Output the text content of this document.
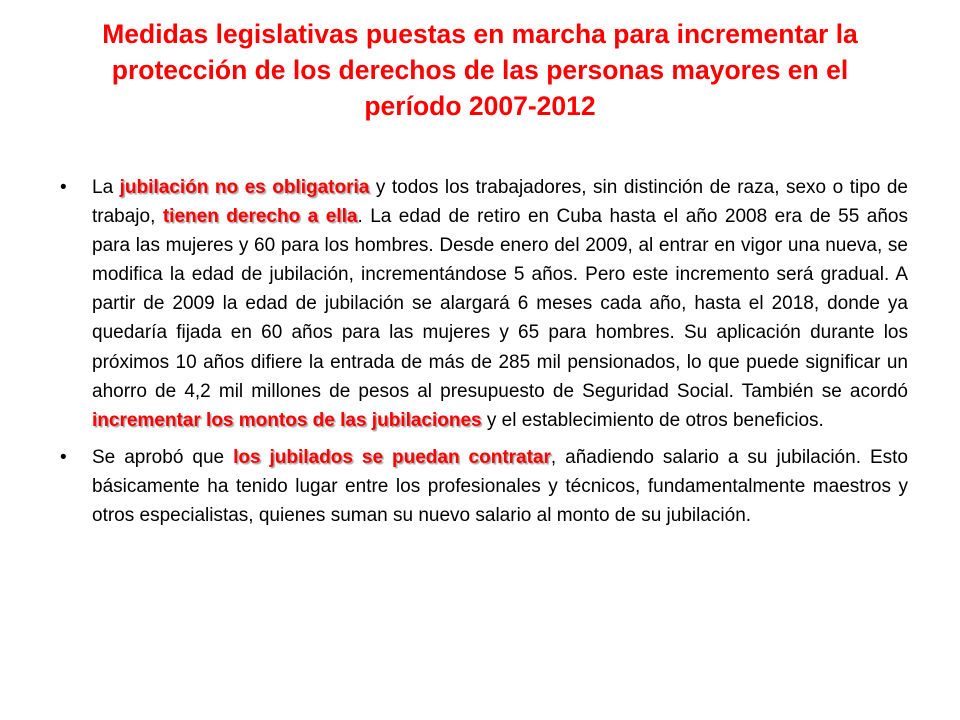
Medidas legislativas puestas en marcha para incrementar la protección de los derechos de las personas mayores en el período 2007-2012
•	La jubilación no es obligatoria y todos los trabajadores, sin distinción de raza, sexo o tipo de trabajo, tienen derecho a ella. La edad de retiro en Cuba hasta el año 2008 era de 55 años para las mujeres y 60 para los hombres. Desde enero del 2009, al entrar en vigor una nueva, se modifica la edad de jubilación, incrementándose 5 años. Pero este incremento será gradual. A partir de 2009 la edad de jubilación se alargará 6 meses cada año, hasta el 2018, donde ya quedaría fijada en 60 años para las mujeres y 65 para hombres. Su aplicación durante los próximos 10 años difiere la entrada de más de 285 mil pensionados, lo que puede significar un ahorro de 4,2 mil millones de pesos al presupuesto de Seguridad Social. También se acordó incrementar los montos de las jubilaciones y el establecimiento de otros beneficios.
•	Se aprobó que los jubilados se puedan contratar, añadiendo salario a su jubilación. Esto básicamente ha tenido lugar entre los profesionales y técnicos, fundamentalmente maestros y otros especialistas, quienes suman su nuevo salario al monto de su jubilación.
